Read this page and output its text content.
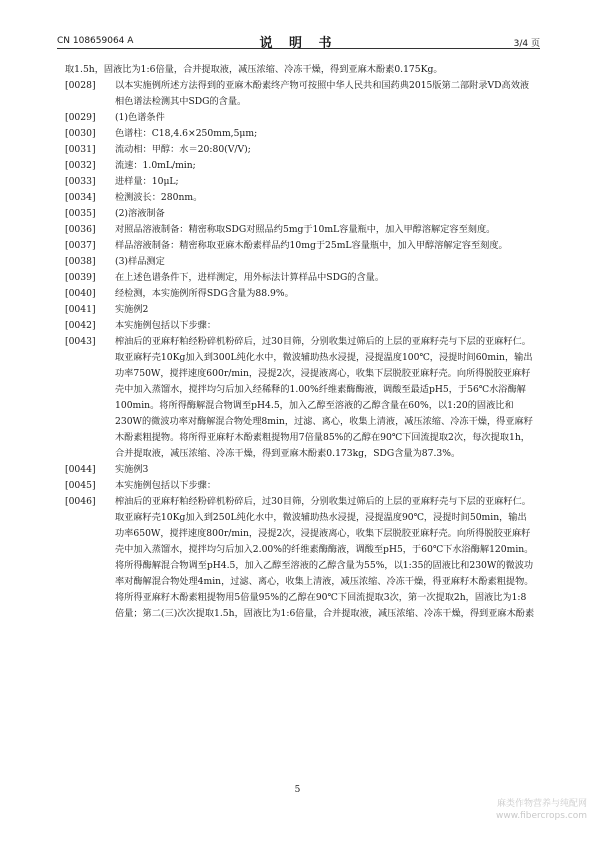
CN 108659064 A	说 明 书	3/4 页
取1.5h，固液比为1:6倍量，合并提取液，减压浓缩、冷冻干燥，得到亚麻木酚素0.175Kg。
[0028]	以本实施例所述方法得到的亚麻木酚素终产物可按照中华人民共和国药典2015版第二部附录VD高效液相色谱法检测其中SDG的含量。
[0029]	(1)色谱条件
[0030]	色谱柱：C18,4.6×250mm,5μm;
[0031]	流动相：甲醇：水＝20:80(V/V);
[0032]	流速：1.0mL/min;
[0033]	进样量：10μL;
[0034]	检测波长：280nm。
[0035]	(2)溶液制备
[0036]	对照品溶液制备：精密称取SDG对照品约5mg于10mL容量瓶中，加入甲醇溶解定容至刻度。
[0037]	样品溶液制备：精密称取亚麻木酚素样品约10mg于25mL容量瓶中，加入甲醇溶解定容至刻度。
[0038]	(3)样品测定
[0039]	在上述色谱条件下，进样测定，用外标法计算样品中SDG的含量。
[0040]	经检测，本实施例所得SDG含量为88.9%。
[0041]	实施例2
[0042]	本实施例包括以下步骤：
[0043]	榨油后的亚麻籽粕经粉碎机粉碎后，过30目筛，分别收集过筛后的上层的亚麻籽壳与下层的亚麻籽仁。取亚麻籽壳10Kg加入到300L纯化水中，微波辅助热水浸提，浸提温度100℃，浸提时间60min，输出功率750W，搅拌速度600r/min，浸提2次，浸提液离心，收集下层脱胶亚麻籽壳。向所得脱胶亚麻籽壳中加入蒸馏水，搅拌均匀后加入经稀释的1.00%纤维素酶酶液，调酸至最适pH5，于56℃水浴酶解100min。将所得酶解混合物调至pH4.5，加入乙醇至溶液的乙醇含量在60%，以1:20的固液比和230W的微波功率对酶解混合物处理8min，过滤、离心，收集上清液，减压浓缩、冷冻干燥，得亚麻籽木酚素粗提物。将所得亚麻籽木酚素粗提物用7倍量85%的乙醇在90℃下回流提取2次，每次提取1h，合并提取液，减压浓缩、冷冻干燥，得到亚麻木酚素0.173kg，SDG含量为87.3%。
[0044]	实施例3
[0045]	本实施例包括以下步骤：
[0046]	榨油后的亚麻籽粕经粉碎机粉碎后，过30目筛，分别收集过筛后的上层的亚麻籽壳与下层的亚麻籽仁。取亚麻籽壳10Kg加入到250L纯化水中，微波辅助热水浸提，浸提温度90℃，浸提时间50min，输出功率650W，搅拌速度800r/min，浸提2次，浸提液离心，收集下层脱胶亚麻籽壳。向所得脱胶亚麻籽壳中加入蒸馏水，搅拌均匀后加入2.00%的纤维素酶酶液，调酸至pH5，于60℃下水浴酶解120min。将所得酶解混合物调至pH4.5，加入乙醇至溶液的乙醇含量为55%，以1:35的固液比和230W的微波功率对酶解混合物处理4min，过滤、离心，收集上清液，减压浓缩、冷冻干燥，得亚麻籽木酚素粗提物。将所得亚麻籽木酚素粗提物用5倍量95%的乙醇在90℃下回流提取3次，第一次提取2h，固液比为1:8倍量；第二(三)次次提取1.5h，固液比为1:6倍量，合并提取液，减压浓缩、冷冻干燥，得到亚麻木酚素
5
麻类作物营养与纯配网
www.fibercrops.com
